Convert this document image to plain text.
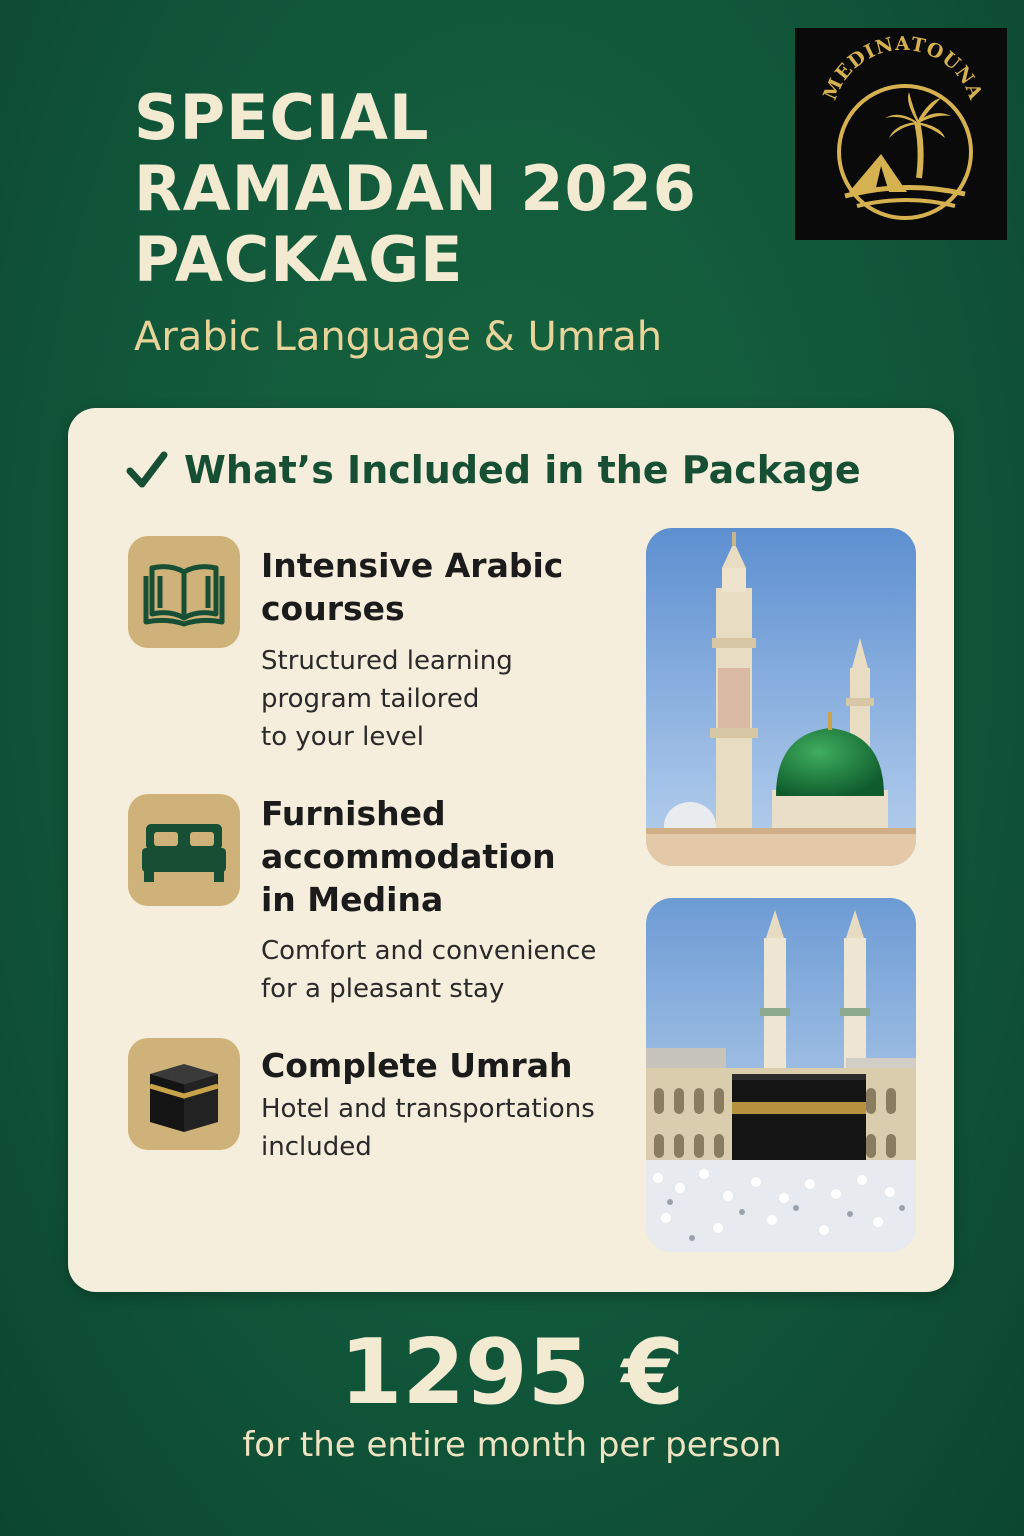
SPECIAL
RAMADAN 2026
PACKAGE
Arabic Language & Umrah
MEDINATOUNA
What’s Included in the Package
Intensive Arabic
courses
Structured learning
program tailored
to your level
Furnished
accommodation
in Medina
Comfort and convenience
for a pleasant stay
Complete Umrah
Hotel and transportations
included
1295 €
for the entire month per person
